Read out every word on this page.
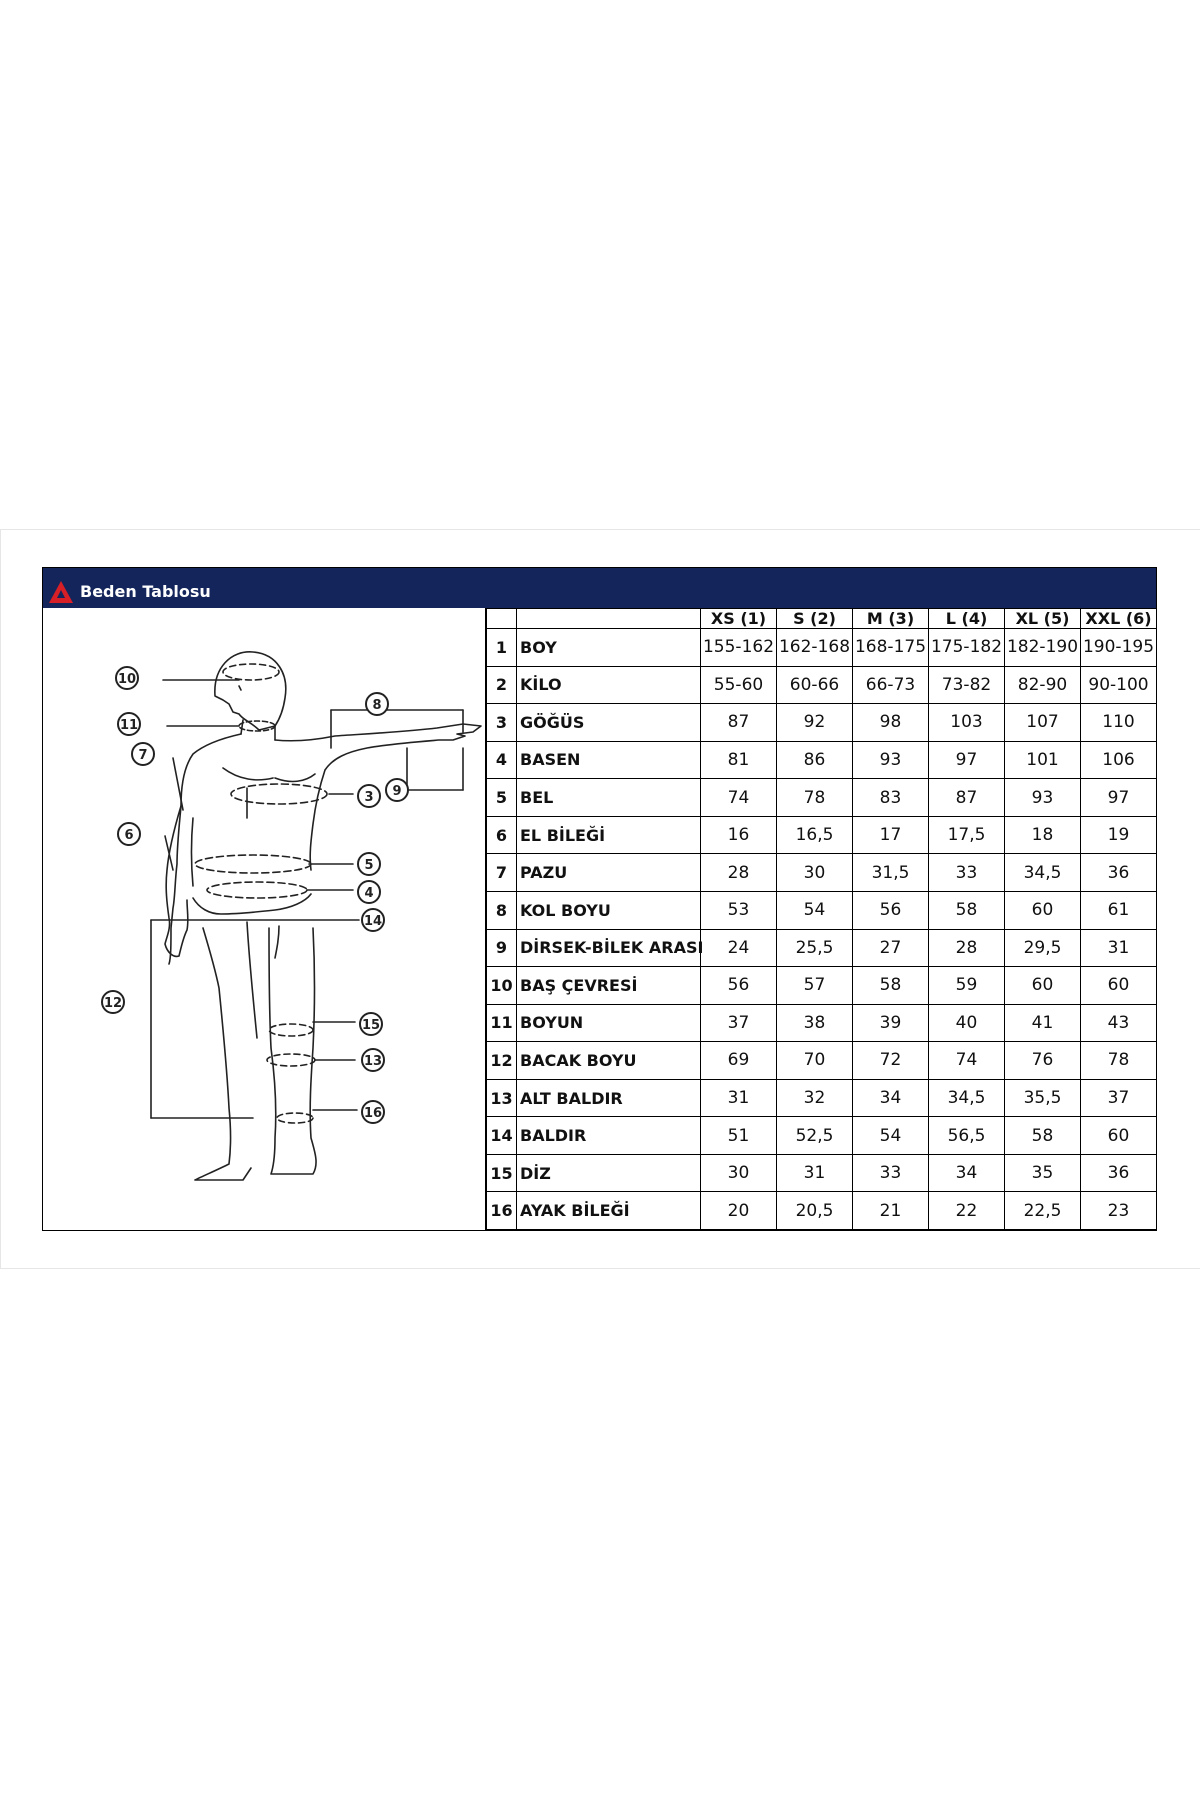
Beden Tablosu
3
4
5
6
7
8
9
10
11
12
13
14
15
16
		XS (1)	S (2)	M (3)	L (4)	XL (5)	XXL (6)
1	BOY	155-162	162-168	168-175	175-182	182-190	190-195
2	KİLO	55-60	60-66	66-73	73-82	82-90	90-100
3	GÖĞÜS	87	92	98	103	107	110
4	BASEN	81	86	93	97	101	106
5	BEL	74	78	83	87	93	97
6	EL BİLEĞİ	16	16,5	17	17,5	18	19
7	PAZU	28	30	31,5	33	34,5	36
8	KOL BOYU	53	54	56	58	60	61
9	DİRSEK-BİLEK ARASI	24	25,5	27	28	29,5	31
10	BAŞ ÇEVRESİ	56	57	58	59	60	60
11	BOYUN	37	38	39	40	41	43
12	BACAK BOYU	69	70	72	74	76	78
13	ALT BALDIR	31	32	34	34,5	35,5	37
14	BALDIR	51	52,5	54	56,5	58	60
15	DİZ	30	31	33	34	35	36
16	AYAK BİLEĞİ	20	20,5	21	22	22,5	23
